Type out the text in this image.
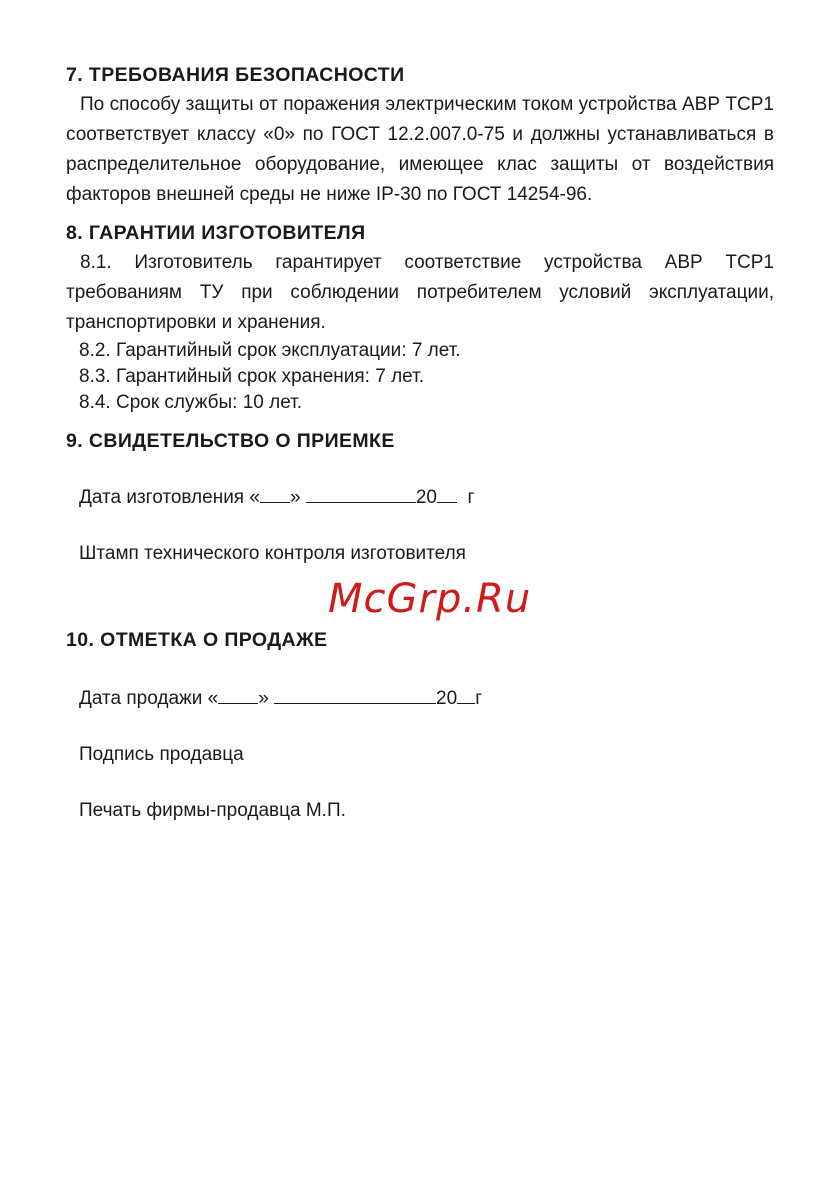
7. ТРЕБОВАНИЯ БЕЗОПАСНОСТИ

По способу защиты от поражения электрическим током устройства АВР ТСР1 соответствует классу «0» по ГОСТ 12.2.007.0-75 и должны устанавливаться в распределительное оборудование, имеющее клас защиты от воздействия факторов внешней среды не ниже IP-30 по ГОСТ 14254-96.

8. ГАРАНТИИ ИЗГОТОВИТЕЛЯ

8.1. Изготовитель гарантирует соответствие устройства АВР ТСР1 требованиям ТУ при соблюдении потребителем условий эксплуатации, транспортировки и хранения.

8.2. Гарантийный срок эксплуатации: 7 лет.

8.3. Гарантийный срок хранения: 7 лет.

8.4. Срок службы: 10 лет.

9. СВИДЕТЕЛЬСТВО О ПРИЕМКЕ

Дата изготовления « »	20 г

Штамп технического контроля изготовителя

10. ОТМЕТКА О ПРОДАЖЕ

Дата продажи « »	20 г

Подпись продавца

Печать фирмы-продавца М.П.

McGrp.Ru
